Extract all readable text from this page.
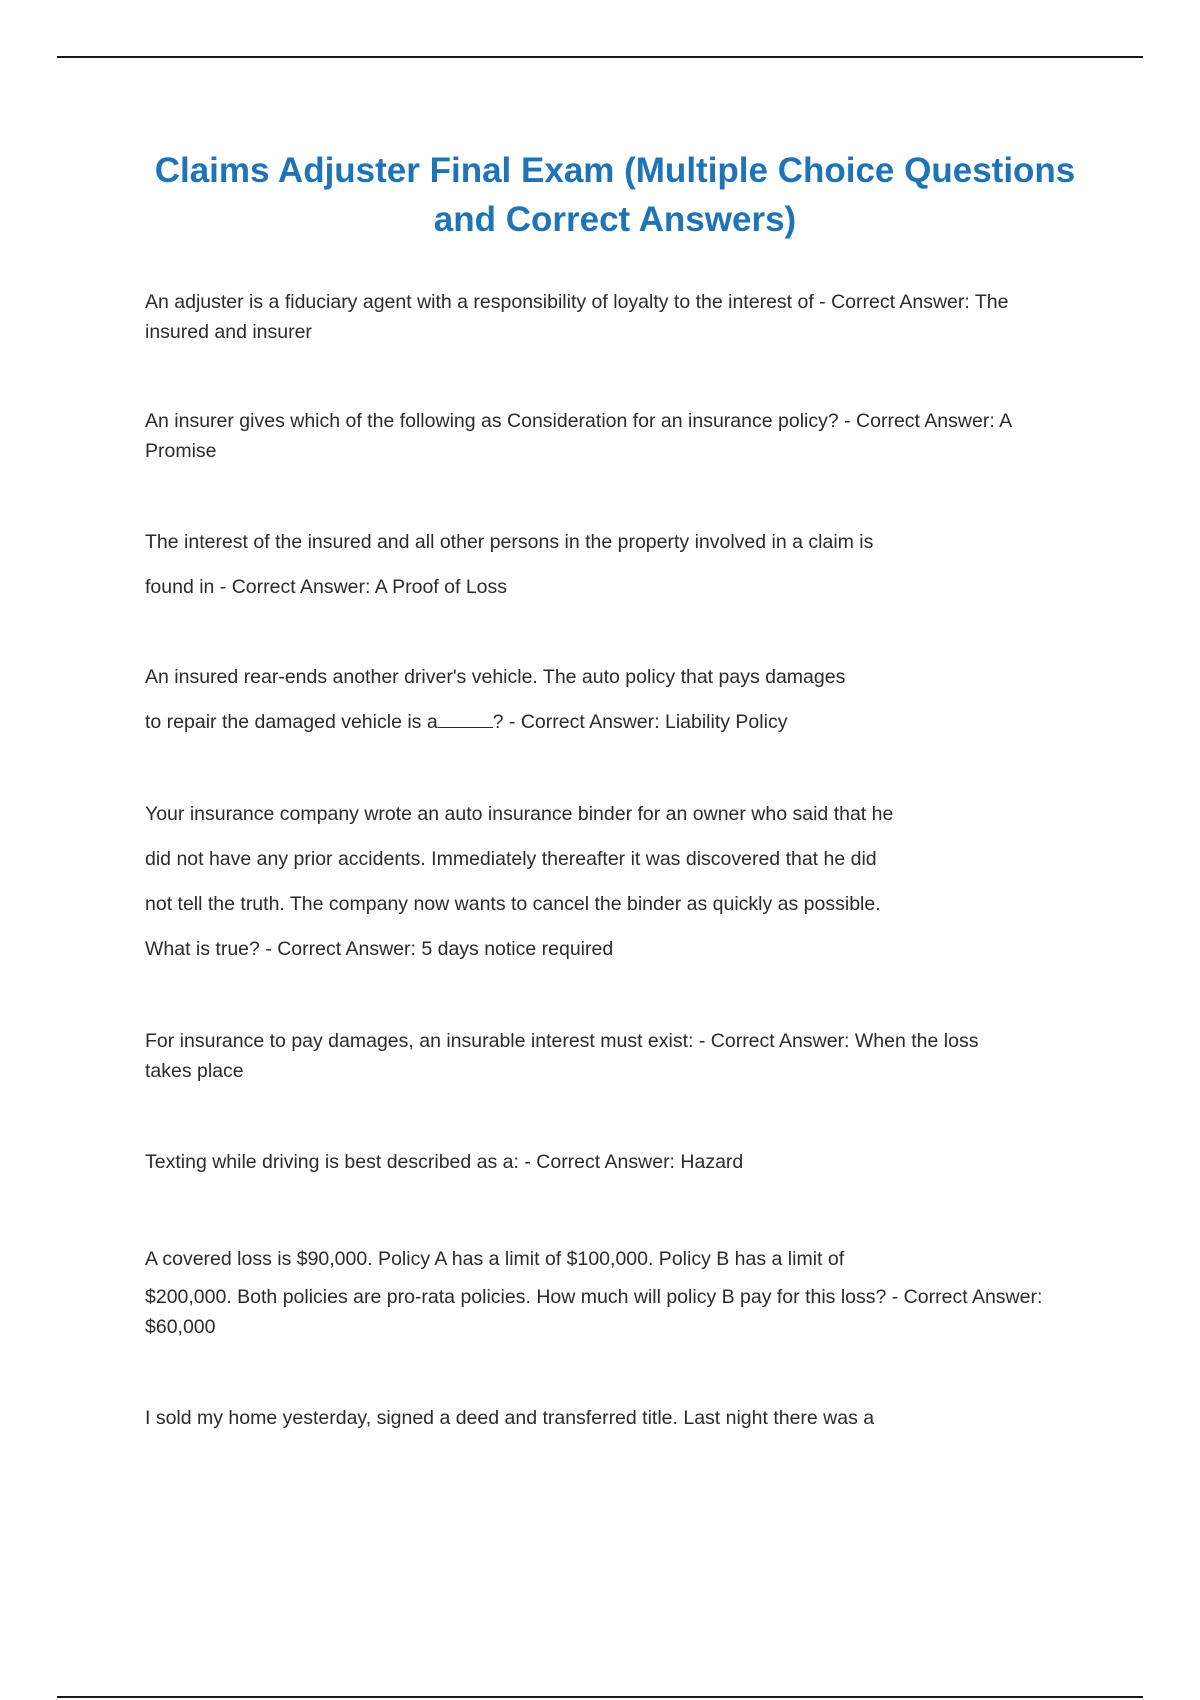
Claims Adjuster Final Exam (Multiple Choice Questions
and Correct Answers)

An adjuster is a fiduciary agent with a responsibility of loyalty to the interest of - Correct Answer: The
insured and insurer

An insurer gives which of the following as Consideration for an insurance policy? - Correct Answer: A
Promise

The interest of the insured and all other persons in the property involved in a claim is
found in - Correct Answer: A Proof of Loss

An insured rear-ends another driver's vehicle. The auto policy that pays damages
to repair the damaged vehicle is a	? - Correct Answer: Liability Policy

Your insurance company wrote an auto insurance binder for an owner who said that he
did not have any prior accidents. Immediately thereafter it was discovered that he did
not tell the truth. The company now wants to cancel the binder as quickly as possible.
What is true? - Correct Answer: 5 days notice required

For insurance to pay damages, an insurable interest must exist: - Correct Answer: When the loss
takes place

Texting while driving is best described as a: - Correct Answer: Hazard

A covered loss is $90,000. Policy A has a limit of $100,000. Policy B has a limit of
$200,000. Both policies are pro-rata policies. How much will policy B pay for this loss? - Correct Answer:
$60,000

I sold my home yesterday, signed a deed and transferred title. Last night there was a
